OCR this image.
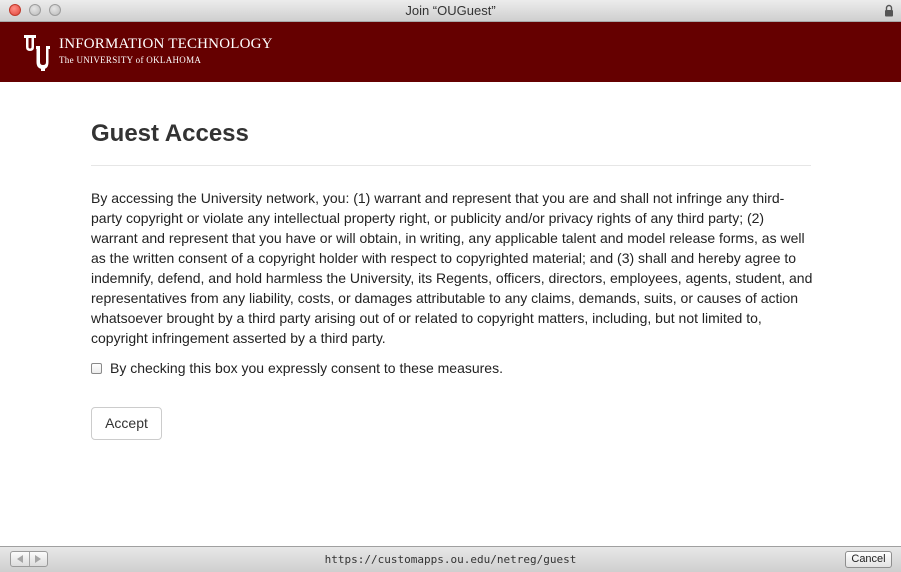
Join “OUGuest”
INFORMATION TECHNOLOGY
The UNIVERSITY of OKLAHOMA
Guest Access

By accessing the University network, you: (1) warrant and represent that you are and shall not infringe any third-party copyright or violate any intellectual property right, or publicity and/or privacy rights of any third party; (2) warrant and represent that you have or will obtain, in writing, any applicable talent and model release forms, as well as the written consent of a copyright holder with respect to copyrighted material; and (3) shall and hereby agree to indemnify, defend, and hold harmless the University, its Regents, officers, directors, employees, agents, student, and representatives from any liability, costs, or damages attributable to any claims, demands, suits, or causes of action whatsoever brought by a third party arising out of or related to copyright matters, including, but not limited to, copyright infringement asserted by a third party.

By checking this box you expressly consent to these measures.
Accept
https://customapps.ou.edu/netreg/guest	Cancel
